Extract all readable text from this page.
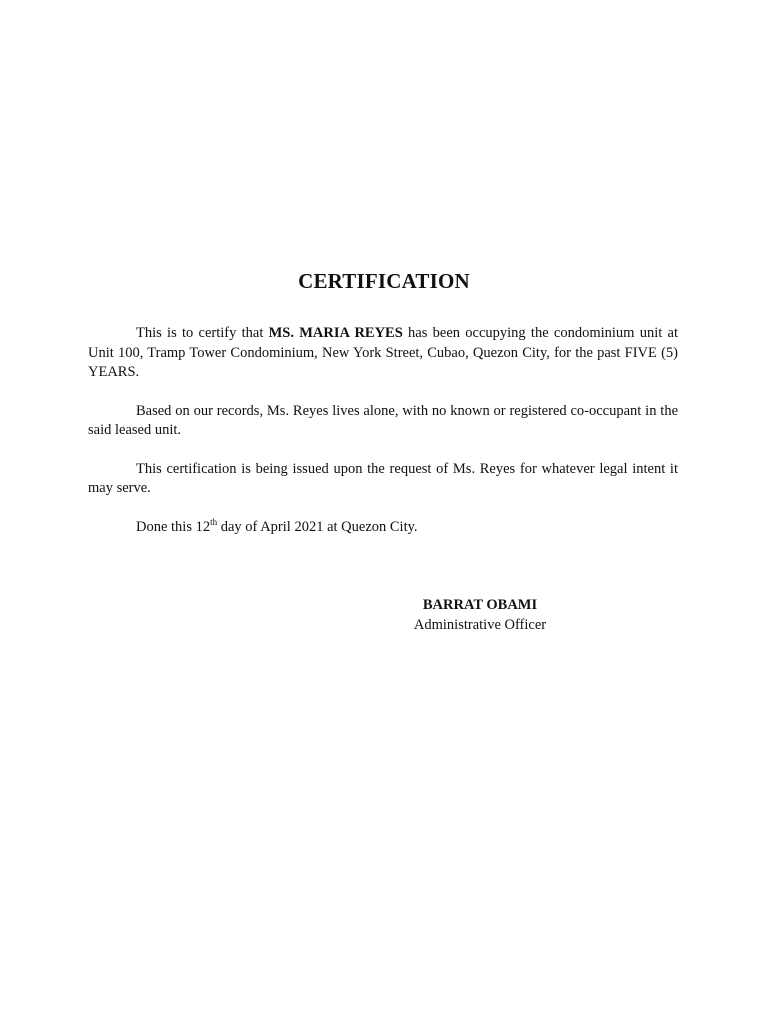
CERTIFICATION

This is to certify that MS. MARIA REYES has been occupying the condominium unit at Unit 100, Tramp Tower Condominium, New York Street, Cubao, Quezon City, for the past FIVE (5) YEARS.

Based on our records, Ms. Reyes lives alone, with no known or registered co-occupant in the said leased unit.

This certification is being issued upon the request of Ms. Reyes for whatever legal intent it may serve.

Done this 12th day of April 2021 at Quezon City.

BARRAT OBAMI
Administrative Officer
